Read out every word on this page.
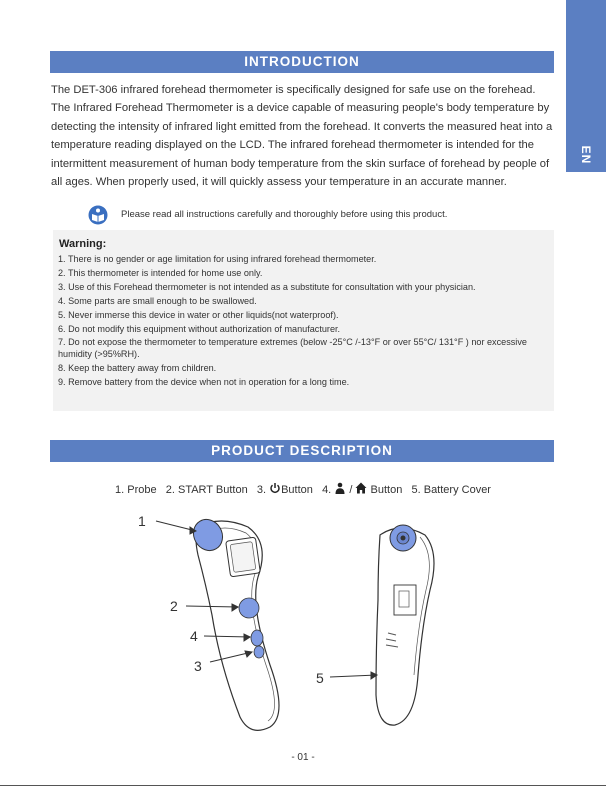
EN
INTRODUCTION
The DET-306 infrared forehead thermometer is specifically designed for safe use on the forehead. The Infrared Forehead Thermometer is a device capable of measuring people's body temperature by detecting the intensity of infrared light emitted from the forehead. It converts the measured heat into a temperature reading displayed on the LCD. The infrared forehead thermometer is intended for the intermittent measurement of human body temperature from the skin surface of forehead by people of all ages. When properly used, it will quickly assess your temperature in an accurate manner.
Please read all instructions carefully and thoroughly before using this product.
Warning:
1. There is no gender or age limitation for using infrared forehead thermometer.
2. This thermometer is intended for home use only.
3. Use of this Forehead thermometer is not intended as a substitute for consultation with your physician.
4. Some parts are small enough to be swallowed.
5. Never immerse this device in water or other liquids(not waterproof).
6. Do not modify this equipment without authorization of manufacturer.
7. Do not expose the thermometer to temperature extremes (below -25°C /-13°F or over 55°C/ 131°F ) nor excessive humidity (>95%RH).
8. Keep the battery away from children.
9. Remove battery from the device when not in operation for a long time.
PRODUCT DESCRIPTION
1. Probe   2. START Button   3. Button   4.  /  Button   5. Battery Cover
1
2
4
3
5
- 01 -
